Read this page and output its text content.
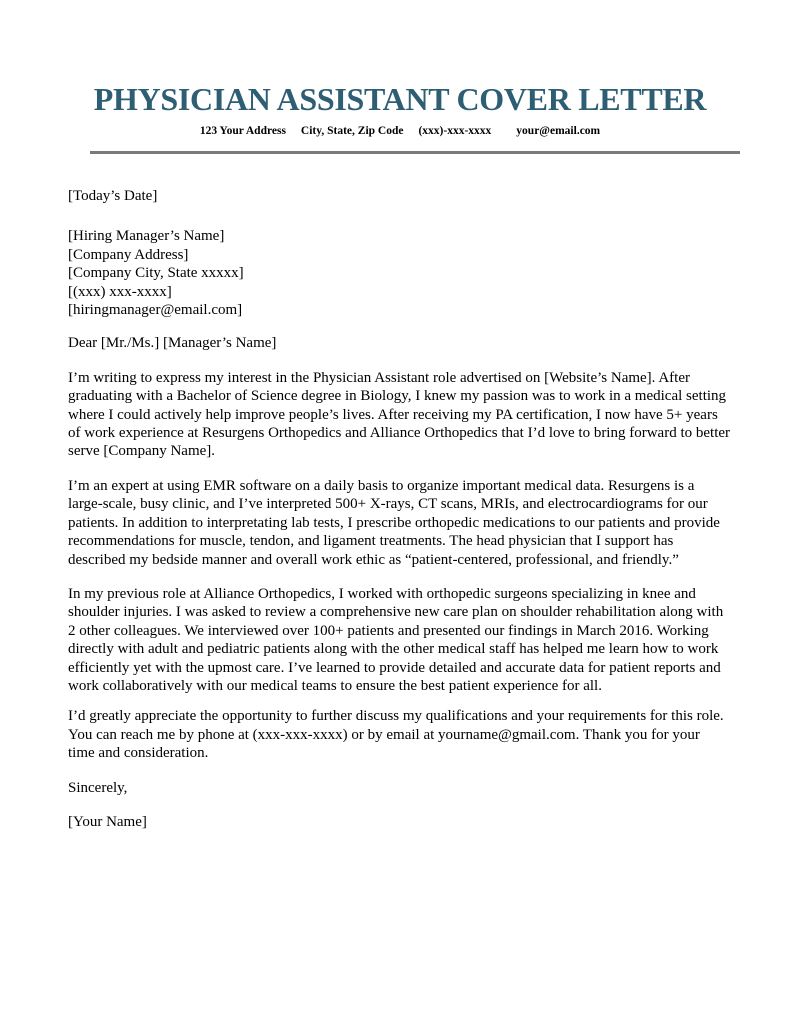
PHYSICIAN ASSISTANT COVER LETTER
123 Your Address City, State, Zip Code (xxx)-xxx-xxxx your@email.com

[Today’s Date]

[Hiring Manager’s Name]
[Company Address]
[Company City, State xxxxx]
[(xxx) xxx-xxxx]
[hiringmanager@email.com]

Dear [Mr./Ms.] [Manager’s Name]

I’m writing to express my interest in the Physician Assistant role advertised on [Website’s Name]. After graduating with a Bachelor of Science degree in Biology, I knew my passion was to work in a medical setting where I could actively help improve people’s lives. After receiving my PA certification, I now have 5+ years of work experience at Resurgens Orthopedics and Alliance Orthopedics that I’d love to bring forward to better serve [Company Name].

I’m an expert at using EMR software on a daily basis to organize important medical data. Resurgens is a large-scale, busy clinic, and I’ve interpreted 500+ X-rays, CT scans, MRIs, and electrocardiograms for our patients. In addition to interpretating lab tests, I prescribe orthopedic medications to our patients and provide recommendations for muscle, tendon, and ligament treatments. The head physician that I support has described my bedside manner and overall work ethic as “patient-centered, professional, and friendly.”

In my previous role at Alliance Orthopedics, I worked with orthopedic surgeons specializing in knee and shoulder injuries. I was asked to review a comprehensive new care plan on shoulder rehabilitation along with 2 other colleagues. We interviewed over 100+ patients and presented our findings in March 2016. Working directly with adult and pediatric patients along with the other medical staff has helped me learn how to work efficiently yet with the upmost care. I’ve learned to provide detailed and accurate data for patient reports and work collaboratively with our medical teams to ensure the best patient experience for all.

I’d greatly appreciate the opportunity to further discuss my qualifications and your requirements for this role. You can reach me by phone at (xxx-xxx-xxxx) or by email at yourname@gmail.com. Thank you for your time and consideration.

Sincerely,

[Your Name]
